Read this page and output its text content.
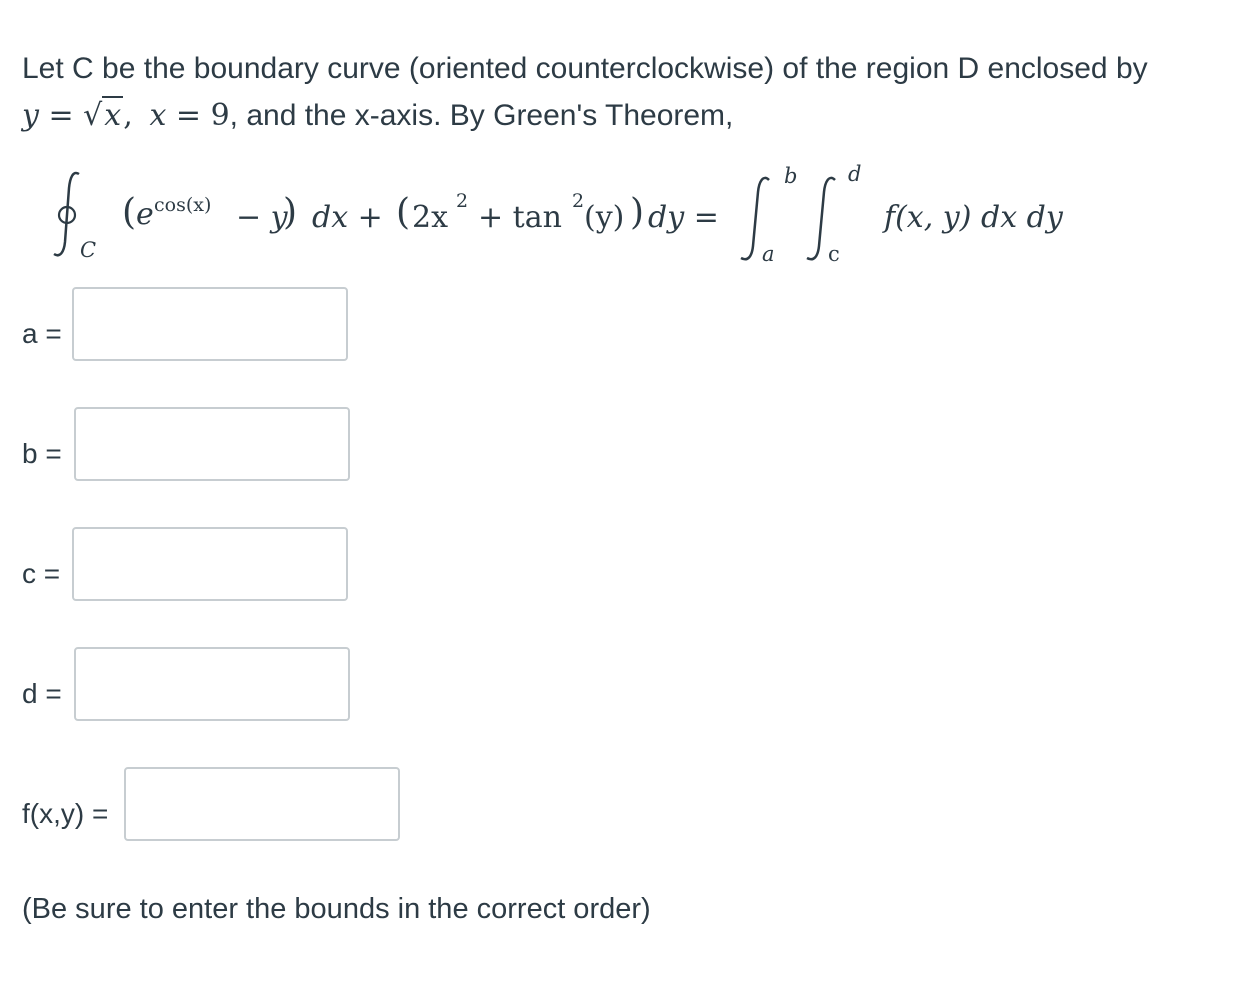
Let C be the boundary curve (oriented counterclockwise) of the region D enclosed by
y = √x, x = 9, and the x-axis. By Green's Theorem,
C
( e cos(x) − y
) dx + ( 2x 2 + tan 2 (y) ) dy =
b
a
d
c
f(x, y) dx dy
a =
b =
c =
d =
f(x,y) =
(Be sure to enter the bounds in the correct order)
